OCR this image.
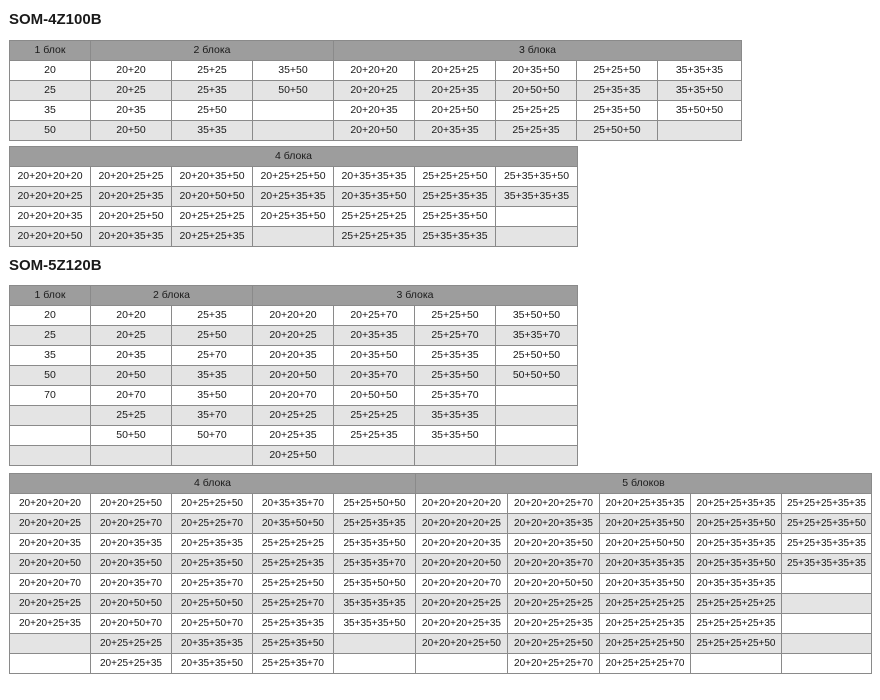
SOM-4Z100B
1 блок	2 блока			3 блока				
20	20+20	25+25	35+50	20+20+20	20+25+25	20+35+50	25+25+50	35+35+35
25	20+25	25+35	50+50	20+20+25	20+25+35	20+50+50	25+35+35	35+35+50
35	20+35	25+50		20+20+35	20+25+50	25+25+25	25+35+50	35+50+50
50	20+50	35+35		20+20+50	20+35+35	25+25+35	25+50+50	
4 блока						
20+20+20+20	20+20+25+25	20+20+35+50	20+25+25+50	20+35+35+35	25+25+25+50	25+35+35+50
20+20+20+25	20+20+25+35	20+20+50+50	20+25+35+35	20+35+35+50	25+25+35+35	35+35+35+35
20+20+20+35	20+20+25+50	20+25+25+25	20+25+35+50	25+25+25+25	25+25+35+50	
20+20+20+50	20+20+35+35	20+25+25+35		25+25+25+35	25+35+35+35	
SOM-5Z120B
1 блок	2 блока		3 блока			
20	20+20	25+35	20+20+20	20+25+70	25+25+50	35+50+50
25	20+25	25+50	20+20+25	20+35+35	25+25+70	35+35+70
35	20+35	25+70	20+20+35	20+35+50	25+35+35	25+50+50
50	20+50	35+35	20+20+50	20+35+70	25+35+50	50+50+50
70	20+70	35+50	20+20+70	20+50+50	25+35+70	
	25+25	35+70	20+25+25	25+25+25	35+35+35	
	50+50	50+70	20+25+35	25+25+35	35+35+50	
			20+25+50			
4 блока					5 блоков				
20+20+20+20	20+20+25+50	20+25+25+50	20+35+35+70	25+25+50+50	20+20+20+20+20	20+20+20+25+70	20+20+25+35+35	20+25+25+35+35	25+25+25+35+35
20+20+20+25	20+20+25+70	20+25+25+70	20+35+50+50	25+25+35+35	20+20+20+20+25	20+20+20+35+35	20+20+25+35+50	20+25+25+35+50	25+25+25+35+50
20+20+20+35	20+20+35+35	20+25+35+35	25+25+25+25	25+35+35+50	20+20+20+20+35	20+20+20+35+50	20+20+25+50+50	20+25+35+35+35	25+25+35+35+35
20+20+20+50	20+20+35+50	20+25+35+50	25+25+25+35	25+35+35+70	20+20+20+20+50	20+20+20+35+70	20+20+35+35+35	20+25+35+35+50	25+35+35+35+35
20+20+20+70	20+20+35+70	20+25+35+70	25+25+25+50	25+35+50+50	20+20+20+20+70	20+20+20+50+50	20+20+35+35+50	20+35+35+35+35	
20+20+25+25	20+20+50+50	20+25+50+50	25+25+25+70	35+35+35+35	20+20+20+25+25	20+20+25+25+25	20+25+25+25+25	25+25+25+25+25	
20+20+25+35	20+20+50+70	20+25+50+70	25+25+35+35	35+35+35+50	20+20+20+25+35	20+20+25+25+35	20+25+25+25+35	25+25+25+25+35	
	20+25+25+25	20+35+35+35	25+25+35+50		20+20+20+25+50	20+20+25+25+50	20+25+25+25+50	25+25+25+25+50	
	20+25+25+35	20+35+35+50	25+25+35+70			20+20+25+25+70	20+25+25+25+70		
